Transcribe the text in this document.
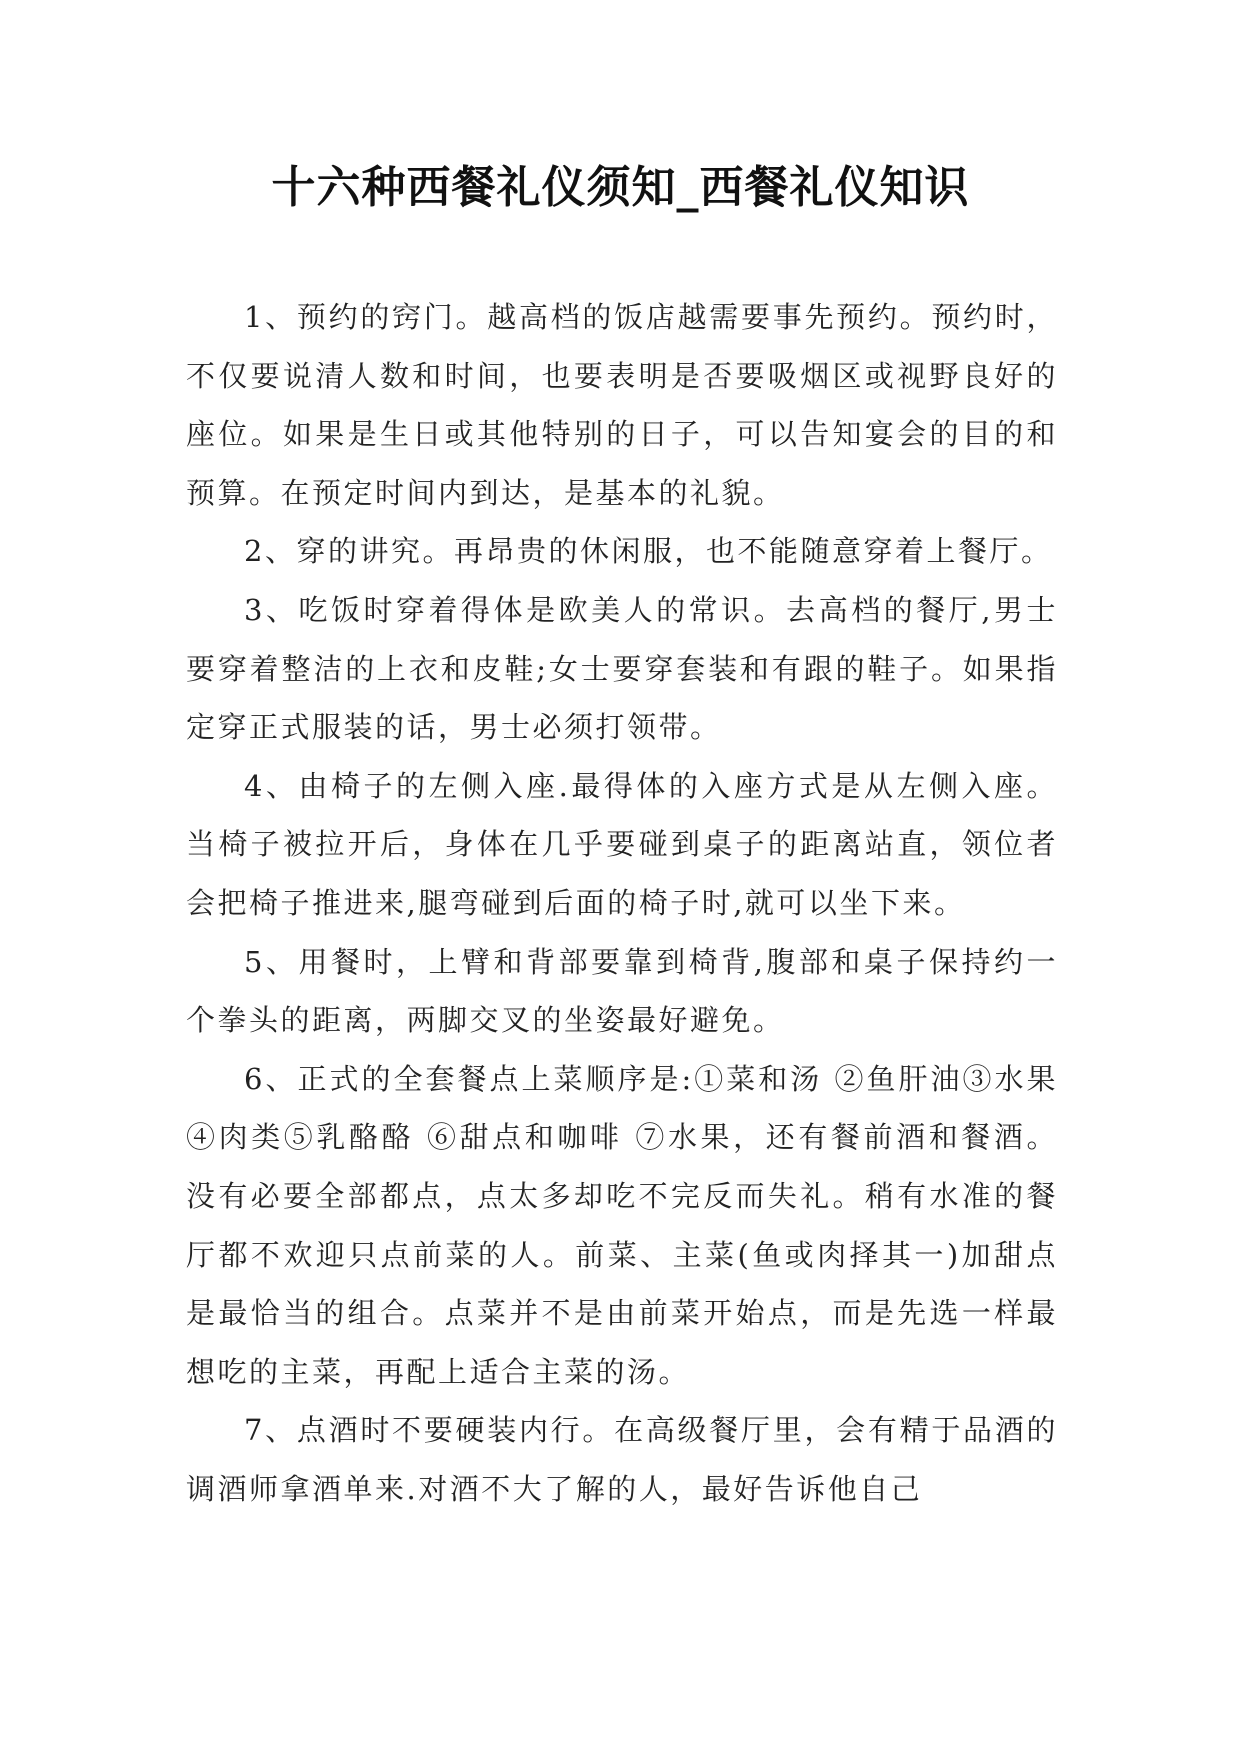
十六种西餐礼仪须知_西餐礼仪知识

1、预约的窍门。越高档的饭店越需要事先预约。预约时，不仅要说清人数和时间，也要表明是否要吸烟区或视野良好的座位。如果是生日或其他特别的日子，可以告知宴会的目的和预算。在预定时间内到达，是基本的礼貌。

2、穿的讲究。再昂贵的休闲服，也不能随意穿着上餐厅。

3、吃饭时穿着得体是欧美人的常识。去高档的餐厅,男士要穿着整洁的上衣和皮鞋;女士要穿套装和有跟的鞋子。如果指定穿正式服装的话，男士必须打领带。

4、由椅子的左侧入座.最得体的入座方式是从左侧入座。当椅子被拉开后，身体在几乎要碰到桌子的距离站直，领位者会把椅子推进来,腿弯碰到后面的椅子时,就可以坐下来。

5、用餐时，上臂和背部要靠到椅背,腹部和桌子保持约一个拳头的距离，两脚交叉的坐姿最好避免。

6、正式的全套餐点上菜顺序是:①菜和汤 ②鱼肝油③水果④肉类⑤乳酪酪 ⑥甜点和咖啡 ⑦水果，还有餐前酒和餐酒。没有必要全部都点，点太多却吃不完反而失礼。稍有水准的餐厅都不欢迎只点前菜的人。前菜、主菜(鱼或肉择其一)加甜点是最恰当的组合。点菜并不是由前菜开始点，而是先选一样最想吃的主菜，再配上适合主菜的汤。

7、点酒时不要硬装内行。在高级餐厅里，会有精于品酒的调酒师拿酒单来.对酒不大了解的人，最好告诉他自己
